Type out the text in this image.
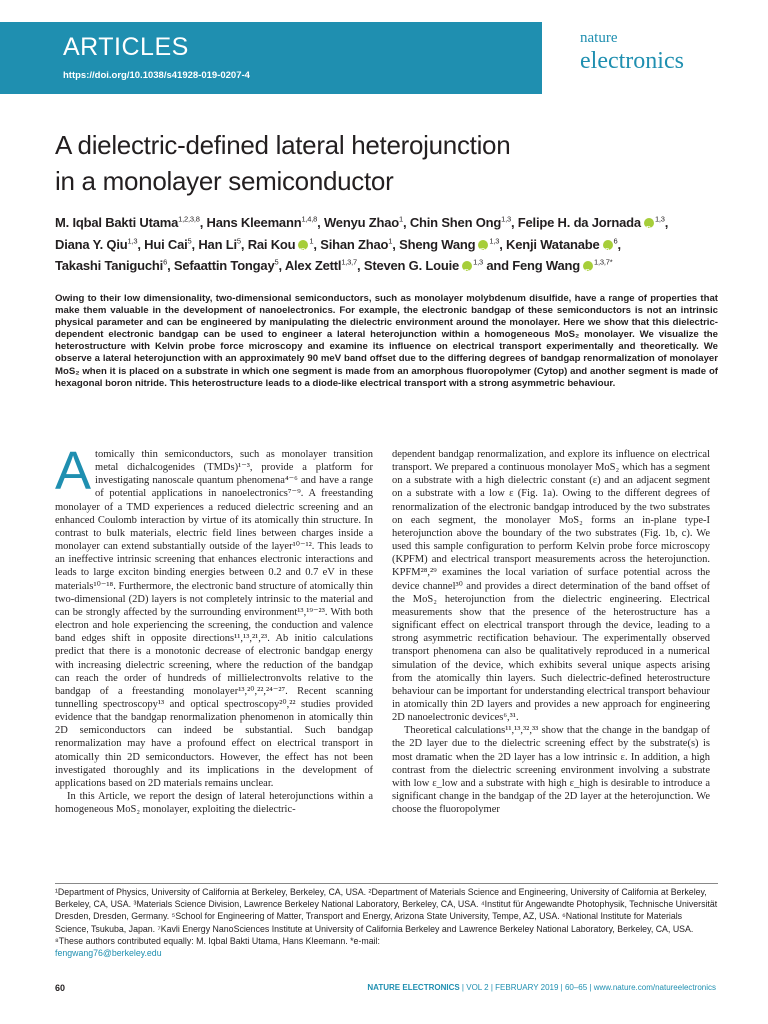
ARTICLES
https://doi.org/10.1038/s41928-019-0207-4
nature
electronics
A dielectric-defined lateral heterojunction
in a monolayer semiconductor
M. Iqbal Bakti Utama$^{1,2,3,8}$, Hans Kleemann$^{1,4,8}$, Wenyu Zhao$^1$, Chin Shen Ong$^{1,3}$, Felipe H. da Jornada iD $^{1,3}$,
Diana Y. Qiu$^{1,3}$, Hui Cai$^5$, Han Li$^5$, Rai Kou iD $^1$, Sihan Zhao$^1$, Sheng Wang iD $^{1,3}$, Kenji Watanabe iD $^6$,
Takashi Taniguchi$^6$, Sefaattin Tongay$^5$, Alex Zettl$^{1,3,7}$, Steven G. Louie iD $^{1,3}$ and Feng Wang iD $^{1,3,7*}$

Owing to their low dimensionality, two-dimensional semiconductors, such as monolayer molybdenum disulfide, have a range of properties that make them valuable in the development of nanoelectronics. For example, the electronic bandgap of these semiconductors is not an intrinsic physical parameter and can be engineered by manipulating the dielectric environment around the monolayer. Here we show that this dielectric-dependent electronic bandgap can be used to engineer a lateral heterojunction within a homogeneous MoS₂ monolayer. We visualize the heterostructure with Kelvin probe force microscopy and examine its influence on electrical transport experimentally and theoretically. We observe a lateral heterojunction with an approximately 90 meV band offset due to the differing degrees of bandgap renormalization of monolayer MoS₂ when it is placed on a substrate in which one segment is made from an amorphous fluoropolymer (Cytop) and another segment is made of hexagonal boron nitride. This heterostructure leads to a diode-like electrical transport with a strong asymmetric behaviour.

Atomically thin semiconductors, such as monolayer transition metal dichalcogenides (TMDs)¹⁻³, provide a platform for investigating nanoscale quantum phenomena⁴⁻⁶ and have a range of potential applications in nanoelectronics⁷⁻⁹. A freestanding monolayer of a TMD experiences a reduced dielectric screening and an enhanced Coulomb interaction by virtue of its atomically thin structure. In contrast to bulk materials, electric field lines between charges inside a monolayer can extend substantially outside of the layer¹⁰⁻¹². This leads to an ineffective intrinsic screening that enhances electronic interactions and leads to large exciton binding energies between 0.2 and 0.7 eV in these materials¹⁰⁻¹⁸. Furthermore, the electronic band structure of atomically thin two-dimensional (2D) layers is not completely intrinsic to the material and can be strongly affected by the surrounding environment¹³,¹⁹⁻²³. With both electron and hole experiencing the screening, the conduction and valence band edges shift in opposite directions¹¹,¹³,²¹,²³. Ab initio calculations predict that there is a monotonic decrease of electronic bandgap energy with increasing dielectric screening, where the reduction of the bandgap can reach the order of hundreds of millielectronvolts relative to the bandgap of a freestanding monolayer¹³,²⁰,²²,²⁴⁻²⁷. Recent scanning tunnelling spectroscopy¹³ and optical spectroscopy²⁰,²² studies provided evidence that the bandgap renormalization phenomenon in atomically thin 2D semiconductors can indeed be substantial. Such bandgap renormalization may have a profound effect on electrical transport in atomically thin 2D semiconductors. However, the effect has not been investigated thoroughly and its implications in the development of applications based on 2D materials remains unclear.

In this Article, we report the design of lateral heterojunctions within a homogeneous MoS₂ monolayer, exploiting the dielectric-

dependent bandgap renormalization, and explore its influence on electrical transport. We prepared a continuous monolayer MoS₂ which has a segment on a substrate with a high dielectric constant (ε) and an adjacent segment on a substrate with a low ε (Fig. 1a). Owing to the different degrees of renormalization of the electronic bandgap introduced by the two substrates on each segment, the monolayer MoS₂ forms an in-plane type-I heterojunction above the boundary of the two substrates (Fig. 1b, c). We used this sample configuration to perform Kelvin probe force microscopy (KPFM) and electrical transport measurements across the heterojunction. KPFM²⁸,²⁹ examines the local variation of surface potential across the device channel³⁰ and provides a direct determination of the band offset of the MoS₂ heterojunction from the dielectric engineering. Electrical measurements show that the presence of the heterostructure has a significant effect on electrical transport through the device, leading to a strong asymmetric rectification behaviour. The experimentally observed transport phenomena can also be qualitatively reproduced in a numerical simulation of the device, which exhibits several unique aspects arising from the atomically thin layers. Such dielectric-defined heterostructure behaviour can be important for understanding electrical transport behaviour in atomically thin 2D layers and provides a new approach for engineering 2D nanoelectronic devices⁶,³¹.

Theoretical calculations¹¹,¹³,³²,³³ show that the change in the bandgap of the 2D layer due to the dielectric screening effect by the substrate(s) is most dramatic when the 2D layer has a low intrinsic ε. In addition, a high contrast from the dielectric screening environment involving a substrate with low ε_low and a substrate with high ε_high is desirable to introduce a significant change in the bandgap of the 2D layer at the heterojunction. We choose the fluoropolymer

¹Department of Physics, University of California at Berkeley, Berkeley, CA, USA. ²Department of Materials Science and Engineering, University of California at Berkeley, Berkeley, CA, USA. ³Materials Science Division, Lawrence Berkeley National Laboratory, Berkeley, CA, USA. ⁴Institut für Angewandte Photophysik, Technische Universität Dresden, Dresden, Germany. ⁵School for Engineering of Matter, Transport and Energy, Arizona State University, Tempe, AZ, USA. ⁶National Institute for Materials Science, Tsukuba, Japan. ⁷Kavli Energy NanoSciences Institute at University of California Berkeley and Lawrence Berkeley National Laboratory, Berkeley, CA, USA. ⁸These authors contributed equally: M. Iqbal Bakti Utama, Hans Kleemann. *e-mail:
fengwang76@berkeley.edu

60	NATURE ELECTRONICS | VOL 2 | FEBRUARY 2019 | 60–65 | www.nature.com/natureelectronics
